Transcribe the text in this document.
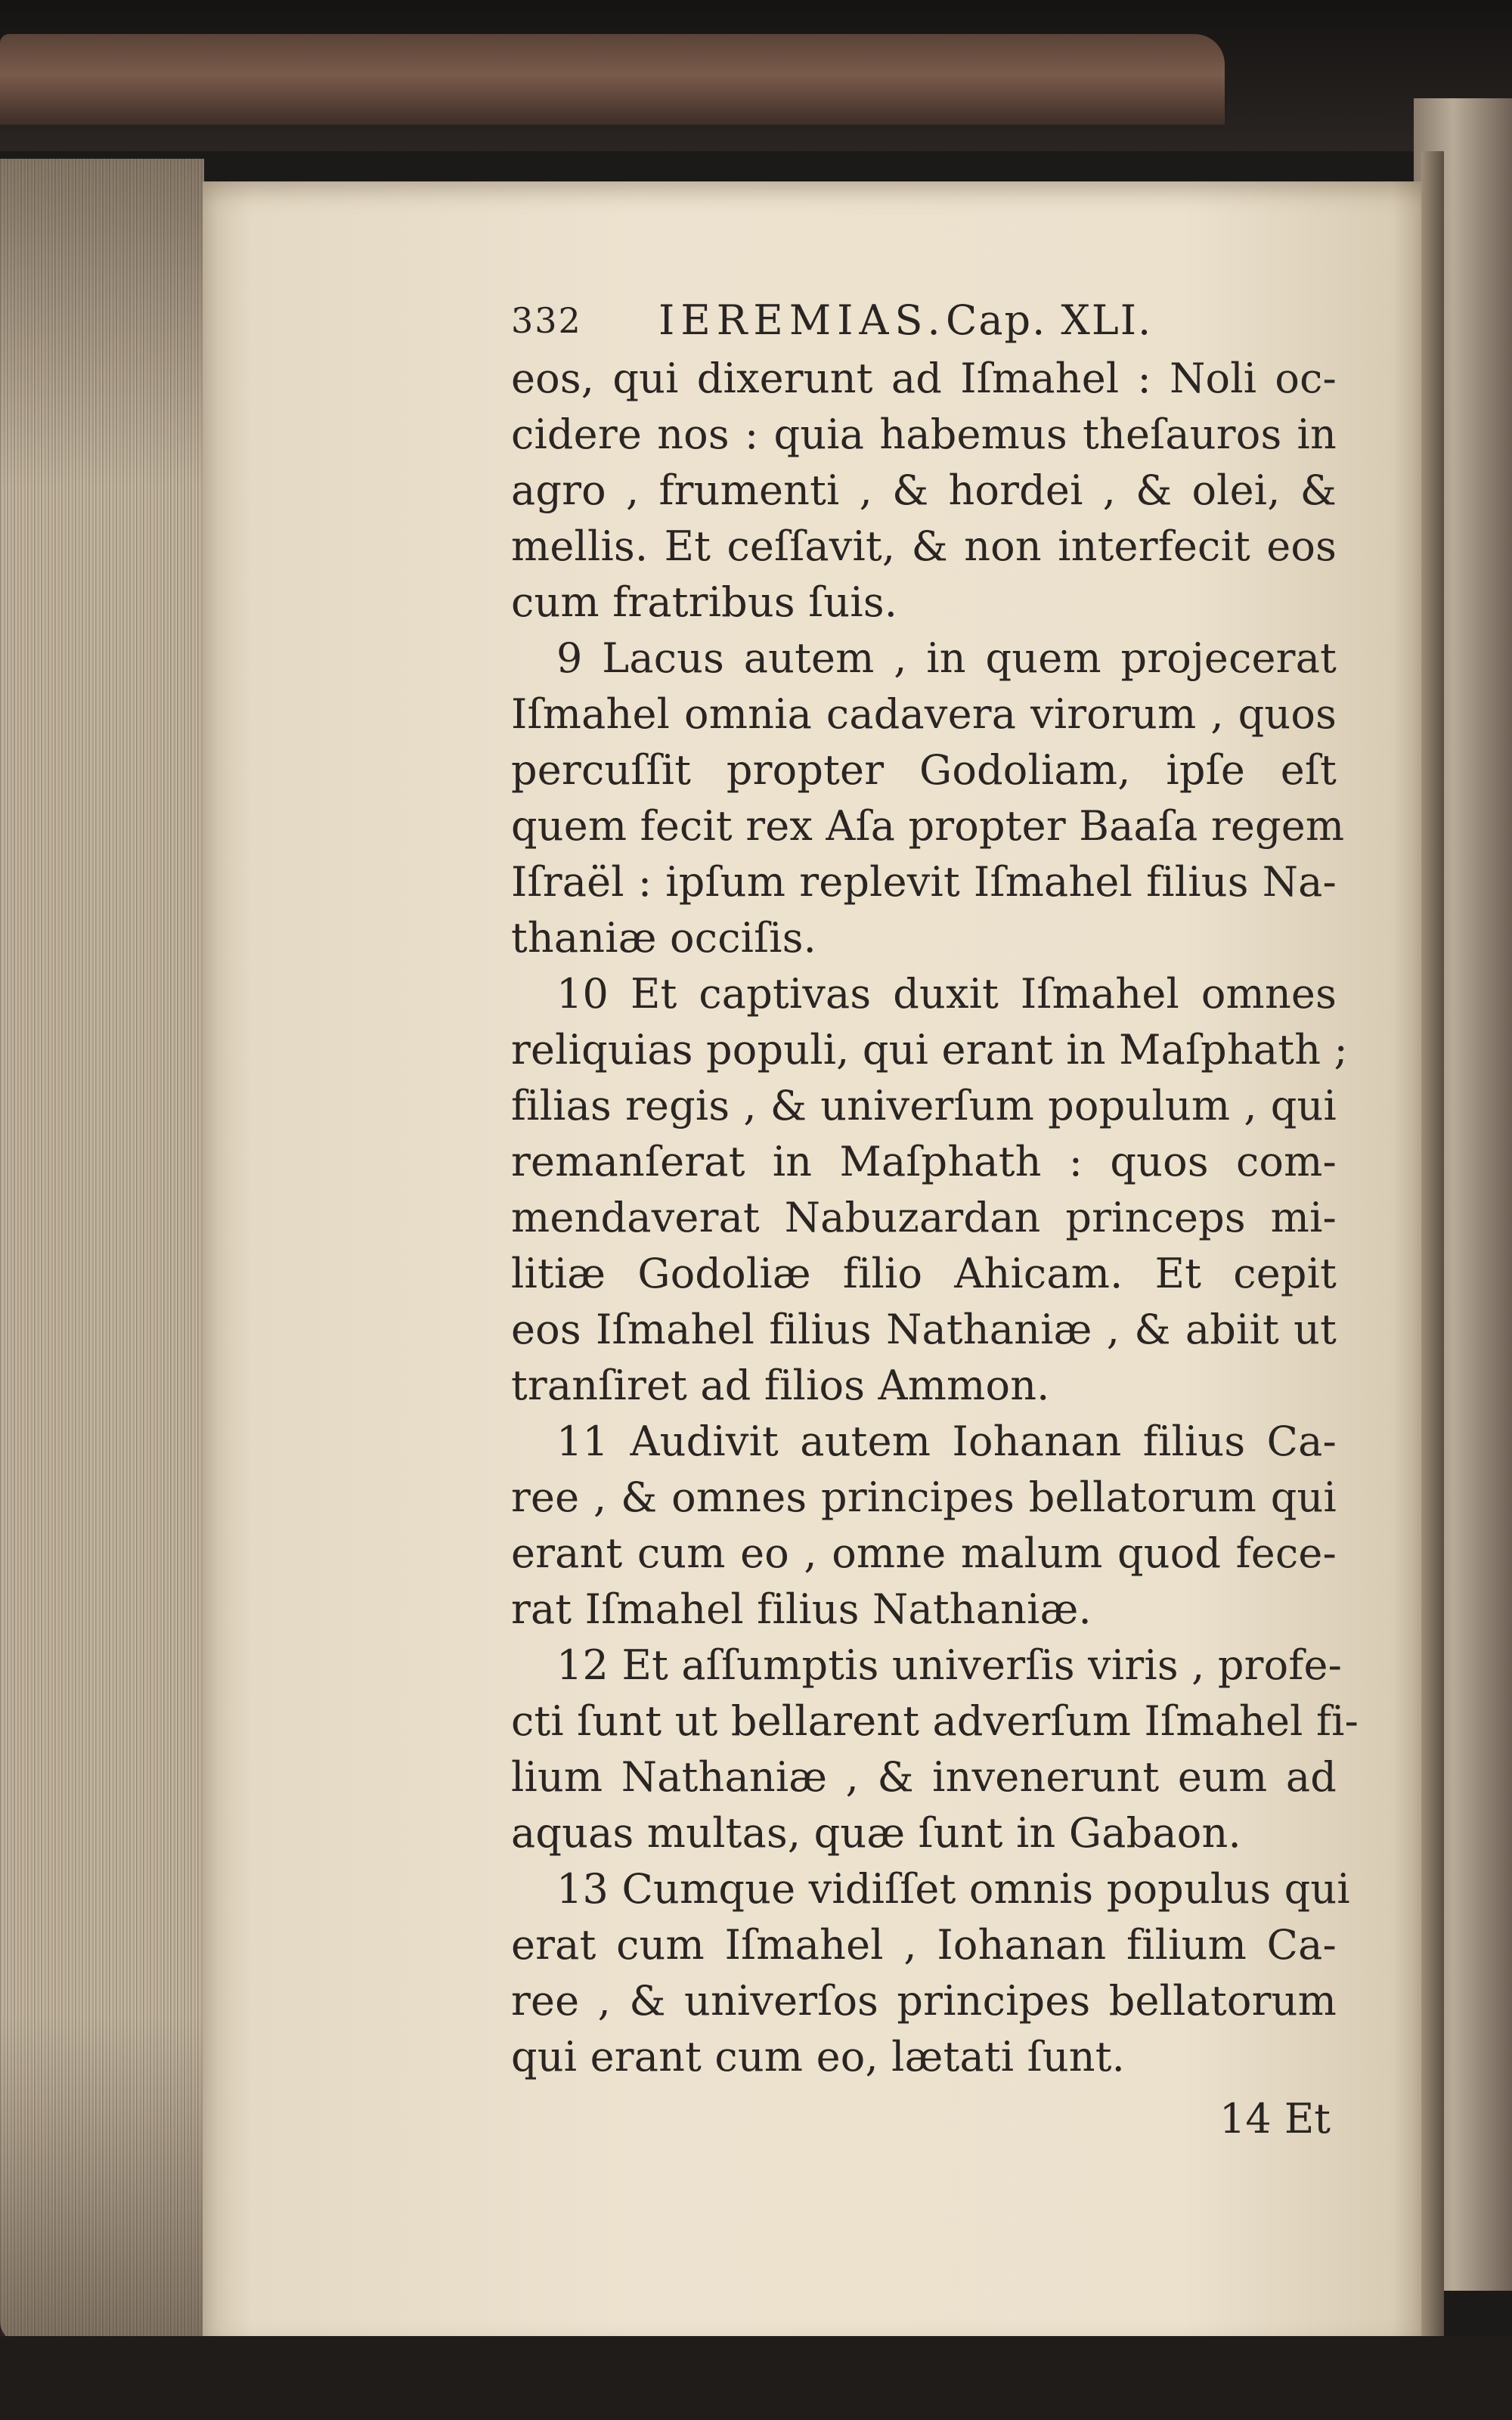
332 IEREMIAS. Cap. XLI.
eos, qui dixerunt ad Iſmahel : Noli oc-
cidere nos : quia habemus theſauros in
agro , frumenti , & hordei , & olei, &
mellis. Et ceſſavit, & non interfecit eos
cum fratribus ſuis.
9 Lacus autem , in quem projecerat
Iſmahel omnia cadavera virorum , quos
percuſſit propter Godoliam, ipſe eſt
quem fecit rex Aſa propter Baaſa regem
Iſraël : ipſum replevit Iſmahel filius Na-
thaniæ occiſis.
10 Et captivas duxit Iſmahel omnes
reliquias populi, qui erant in Maſphath ;
filias regis , & univerſum populum , qui
remanſerat in Maſphath : quos com-
mendaverat Nabuzardan princeps mi-
litiæ Godoliæ filio Ahicam. Et cepit
eos Iſmahel filius Nathaniæ , & abiit ut
tranſiret ad filios Ammon.
11 Audivit autem Iohanan filius Ca-
ree , & omnes principes bellatorum qui
erant cum eo , omne malum quod fece-
rat Iſmahel filius Nathaniæ.
12 Et aſſumptis univerſis viris , profe-
cti ſunt ut bellarent adverſum Iſmahel fi-
lium Nathaniæ , & invenerunt eum ad
aquas multas, quæ ſunt in Gabaon.
13 Cumque vidiſſet omnis populus qui
erat cum Iſmahel , Iohanan filium Ca-
ree , & univerſos principes bellatorum
qui erant cum eo, lætati ſunt.
14 Et
